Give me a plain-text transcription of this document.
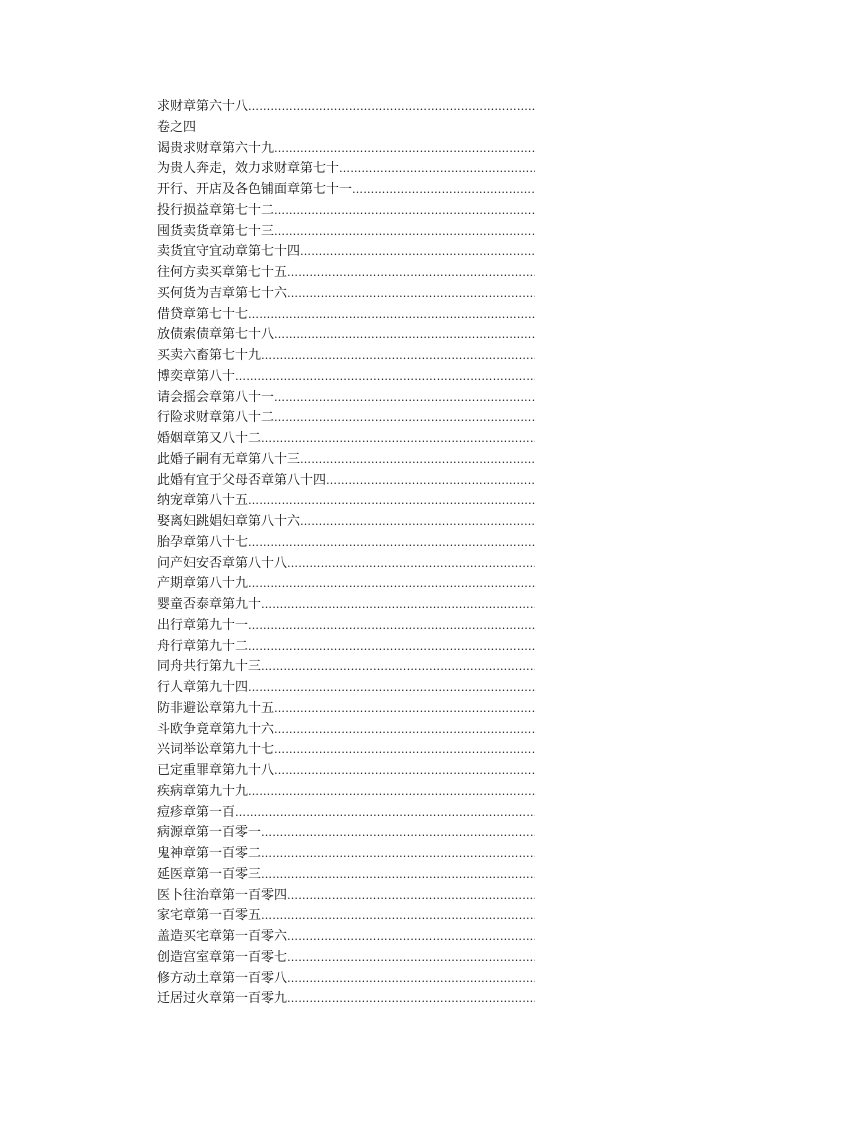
求财章第六十八
…………………………………………………………………………………………………………………………………………………………
卷之四
谒贵求财章第六十九
…………………………………………………………………………………………………………………………………………………………
为贵人奔走，效力求财章第七十
…………………………………………………………………………………………………………………………………………………………
开行、开店及各色铺面章第七十一
…………………………………………………………………………………………………………………………………………………………
投行损益章第七十二
…………………………………………………………………………………………………………………………………………………………
囤货卖货章第七十三
…………………………………………………………………………………………………………………………………………………………
卖货宜守宜动章第七十四
…………………………………………………………………………………………………………………………………………………………
往何方卖买章第七十五
…………………………………………………………………………………………………………………………………………………………
买何货为吉章第七十六
…………………………………………………………………………………………………………………………………………………………
借贷章第七十七
…………………………………………………………………………………………………………………………………………………………
放债索债章第七十八
…………………………………………………………………………………………………………………………………………………………
买卖六畜第七十九
…………………………………………………………………………………………………………………………………………………………
博奕章第八十
…………………………………………………………………………………………………………………………………………………………
请会摇会章第八十一
…………………………………………………………………………………………………………………………………………………………
行险求财章第八十二
…………………………………………………………………………………………………………………………………………………………
婚姻章第又八十二
…………………………………………………………………………………………………………………………………………………………
此婚子嗣有无章第八十三
…………………………………………………………………………………………………………………………………………………………
此婚有宜于父母否章第八十四
…………………………………………………………………………………………………………………………………………………………
纳宠章第八十五
…………………………………………………………………………………………………………………………………………………………
娶离妇跳娼妇章第八十六
…………………………………………………………………………………………………………………………………………………………
胎孕章第八十七
…………………………………………………………………………………………………………………………………………………………
问产妇安否章第八十八
…………………………………………………………………………………………………………………………………………………………
产期章第八十九
…………………………………………………………………………………………………………………………………………………………
婴童否泰章第九十
…………………………………………………………………………………………………………………………………………………………
出行章第九十一
…………………………………………………………………………………………………………………………………………………………
舟行章第九十二
…………………………………………………………………………………………………………………………………………………………
同舟共行第九十三
…………………………………………………………………………………………………………………………………………………………
行人章第九十四
…………………………………………………………………………………………………………………………………………………………
防非避讼章第九十五
…………………………………………………………………………………………………………………………………………………………
斗欧争竟章第九十六
…………………………………………………………………………………………………………………………………………………………
兴词举讼章第九十七
…………………………………………………………………………………………………………………………………………………………
已定重罪章第九十八
…………………………………………………………………………………………………………………………………………………………
疾病章第九十九
…………………………………………………………………………………………………………………………………………………………
痘疹章第一百
…………………………………………………………………………………………………………………………………………………………
病源章第一百零一
…………………………………………………………………………………………………………………………………………………………
鬼神章第一百零二
…………………………………………………………………………………………………………………………………………………………
延医章第一百零三
…………………………………………………………………………………………………………………………………………………………
医卜往治章第一百零四
…………………………………………………………………………………………………………………………………………………………
家宅章第一百零五
…………………………………………………………………………………………………………………………………………………………
盖造买宅章第一百零六
…………………………………………………………………………………………………………………………………………………………
创造宫室章第一百零七
…………………………………………………………………………………………………………………………………………………………
修方动土章第一百零八
…………………………………………………………………………………………………………………………………………………………
迁居过火章第一百零九
…………………………………………………………………………………………………………………………………………………………
